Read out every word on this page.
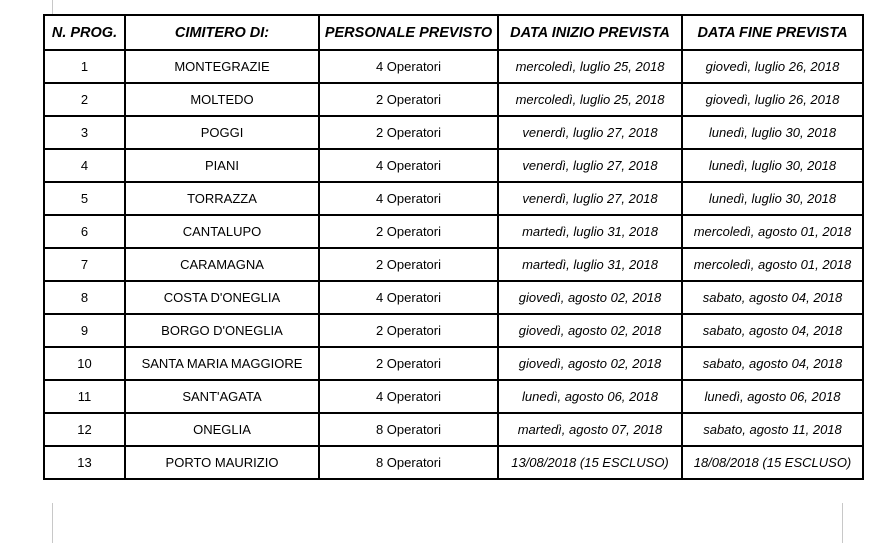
N. PROG.	CIMITERO DI:	PERSONALE PREVISTO	DATA INIZIO PREVISTA	DATA FINE PREVISTA
1	MONTEGRAZIE	4 Operatori	mercoledì, luglio 25, 2018	giovedì, luglio 26, 2018
2	MOLTEDO	2 Operatori	mercoledì, luglio 25, 2018	giovedì, luglio 26, 2018
3	POGGI	2 Operatori	venerdì, luglio 27, 2018	lunedì, luglio 30, 2018
4	PIANI	4 Operatori	venerdì, luglio 27, 2018	lunedì, luglio 30, 2018
5	TORRAZZA	4 Operatori	venerdì, luglio 27, 2018	lunedì, luglio 30, 2018
6	CANTALUPO	2 Operatori	martedì, luglio 31, 2018	mercoledì, agosto 01, 2018
7	CARAMAGNA	2 Operatori	martedì, luglio 31, 2018	mercoledì, agosto 01, 2018
8	COSTA D'ONEGLIA	4 Operatori	giovedì, agosto 02, 2018	sabato, agosto 04, 2018
9	BORGO D'ONEGLIA	2 Operatori	giovedì, agosto 02, 2018	sabato, agosto 04, 2018
10	SANTA MARIA MAGGIORE	2 Operatori	giovedì, agosto 02, 2018	sabato, agosto 04, 2018
11	SANT'AGATA	4 Operatori	lunedì, agosto 06, 2018	lunedì, agosto 06, 2018
12	ONEGLIA	8 Operatori	martedì, agosto 07, 2018	sabato, agosto 11, 2018
13	PORTO MAURIZIO	8 Operatori	13/08/2018 (15 ESCLUSO)	18/08/2018 (15 ESCLUSO)
